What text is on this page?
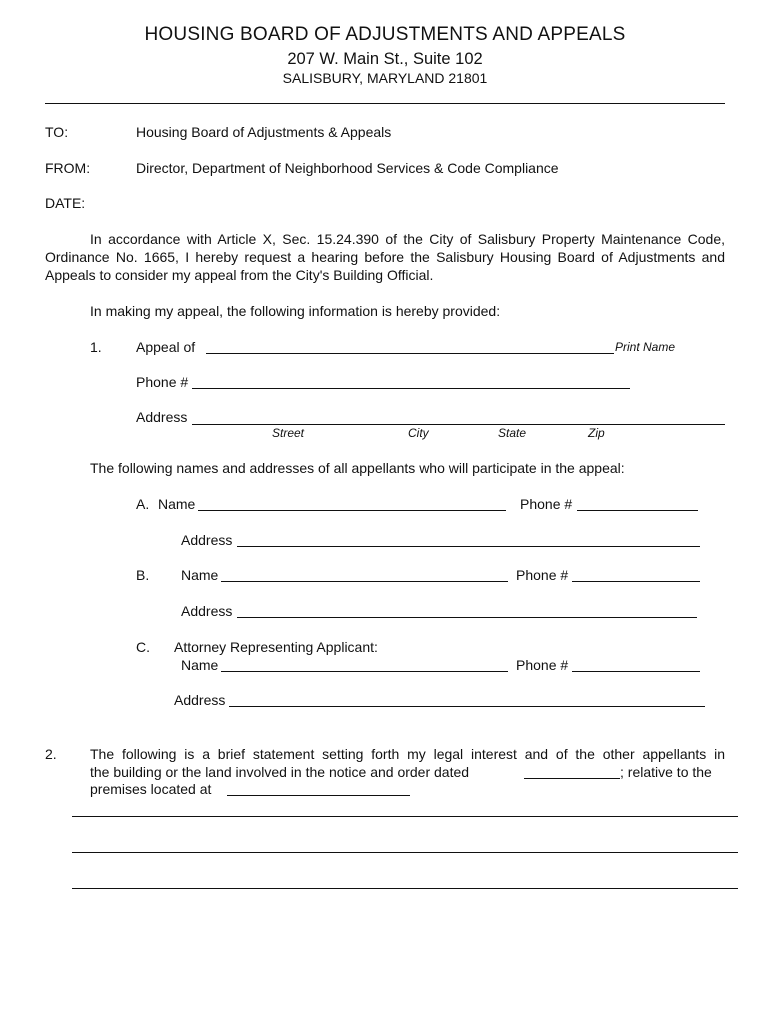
HOUSING BOARD OF ADJUSTMENTS AND APPEALS
207 W. Main St., Suite 102
SALISBURY, MARYLAND 21801
TO:	Housing Board of Adjustments & Appeals
FROM:	Director, Department of Neighborhood Services & Code Compliance
DATE:
In accordance with Article X, Sec. 15.24.390 of the City of Salisbury Property Maintenance Code, Ordinance No. 1665, I hereby request a hearing before the Salisbury Housing Board of Adjustments and Appeals to consider my appeal from the City's Building Official.
In making my appeal, the following information is hereby provided:
1. Appeal of	Print Name
Phone #
Address
Street	City	State	Zip
The following names and addresses of all appellants who will participate in the appeal:
A. Name	Phone #
Address
B. Name	Phone #
Address
C. Attorney Representing Applicant:
Name	Phone #
Address
2. The following is a brief statement setting forth my legal interest and of the other appellants in
the building or the land involved in the notice and order dated	; relative to the
premises located at
